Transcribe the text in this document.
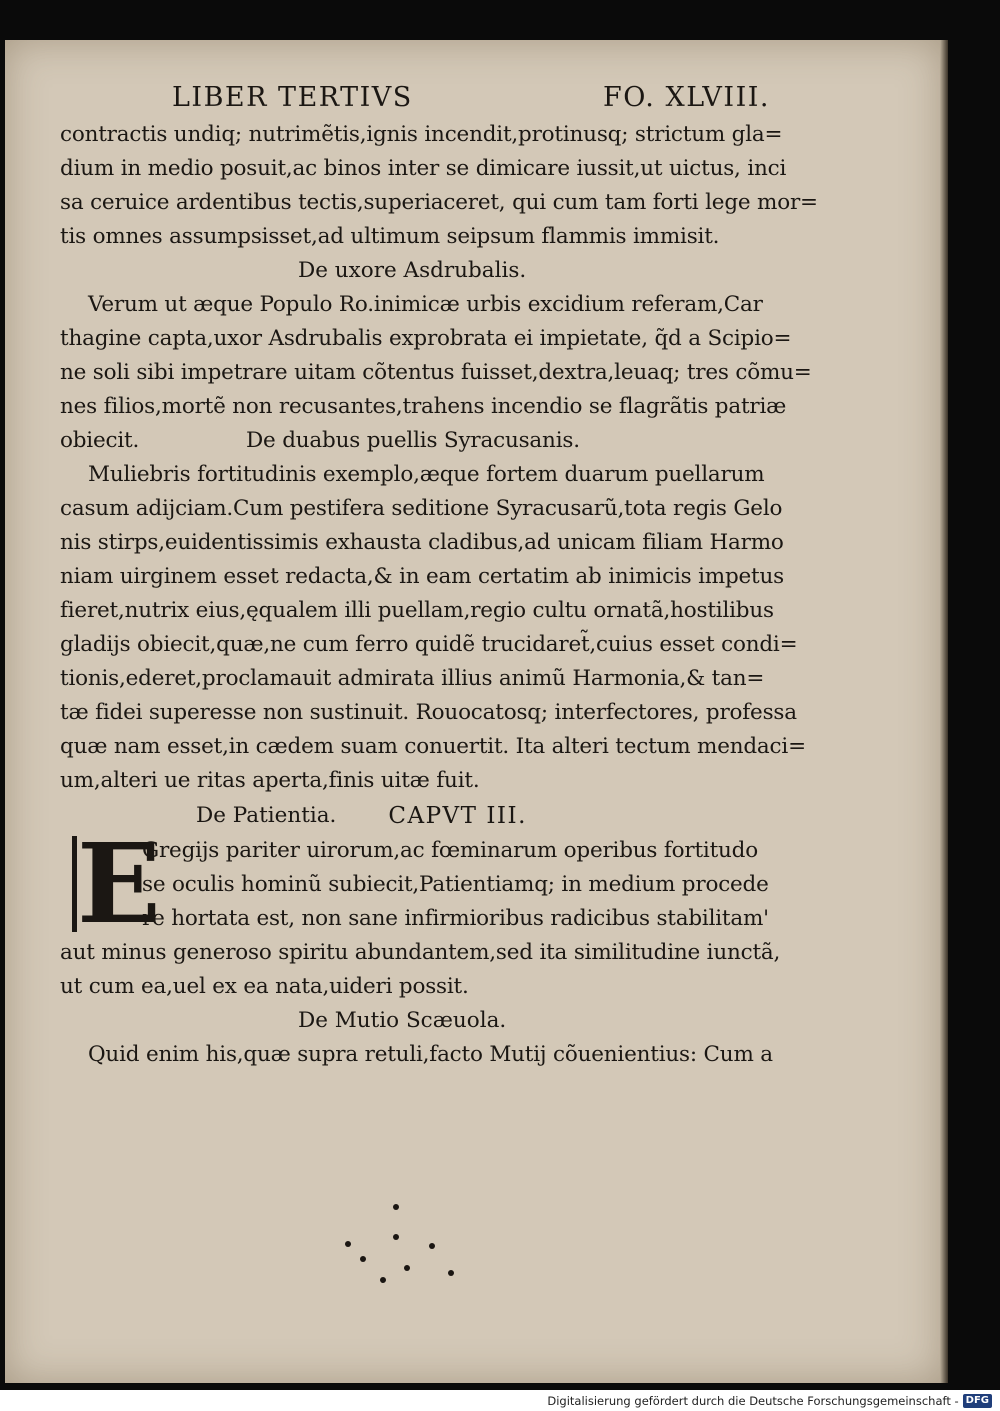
LIBER TERTIVS	FO. XLVIII.
contractis undiq; nutrimẽtis,ignis incendit,protinusq; strictum gla=
dium in medio posuit,ac binos inter se dimicare iussit,ut uictus, inci
sa ceruice ardentibus tectis,superiaceret, qui cum tam forti lege mor=
tis omnes assumpsisset,ad ultimum seipsum flammis immisit.
De uxore Asdrubalis.
Verum ut æque Populo Ro.inimicæ urbis excidium referam,Car
thagine capta,uxor Asdrubalis exprobrata ei impietate, q̃d a Scipio=
ne soli sibi impetrare uitam cõtentus fuisset,dextra,leuaq; tres cõmu=
nes filios,mortẽ non recusantes,trahens incendio se flagrãtis patriæ
obiecit.	De duabus puellis Syracusanis.
Muliebris fortitudinis exemplo,æque fortem duarum puellarum
casum adijciam.Cum pestifera seditione Syracusarũ,tota regis Gelo
nis stirps,euidentissimis exhausta cladibus,ad unicam filiam Harmo
niam uirginem esset redacta,& in eam certatim ab inimicis impetus
fieret,nutrix eius,ęqualem illi puellam,regio cultu ornatã,hostilibus
gladijs obiecit,quæ,ne cum ferro quidẽ trucidaret̃,cuius esset condi=
tionis,ederet,proclamauit admirata illius animũ Harmonia,& tan=
tæ fidei superesse non sustinuit. Rouocatosq; interfectores, professa
quæ nam esset,in cædem suam conuertit. Ita alteri tectum mendaci=
um,alteri ue ritas aperta,finis uitæ fuit.
De Patientia. CAPVT III.
E
Gregijs pariter uirorum,ac fœminarum operibus fortitudo
se oculis hominũ subiecit,Patientiamq; in medium procede
re hortata est, non sane infirmioribus radicibus stabilitam'
aut minus generoso spiritu abundantem,sed ita similitudine iunctã,
ut cum ea,uel ex ea nata,uideri possit.
De Mutio Scæuola.
Quid enim his,quæ supra retuli,facto Mutij cõuenientius: Cum a
Digitalisierung gefördert durch die Deutsche Forschungsgemeinschaft - DFG
